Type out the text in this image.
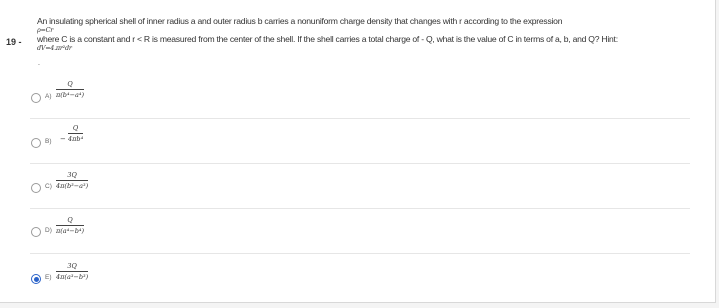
19 -
An insulating spherical shell of inner radius a and outer radius b carries a nonuniform charge density that changes with r according to the expression
ρ=Cr
where C is a constant and r < R is measured from the center of the shell. If the shell carries a total charge of - Q, what is the value of C in terms of a, b, and Q? Hint:
dV=4.πr²dr
.
A)
Q
π(b⁴−a⁴)
B) −
Q
4πb⁴
C)
3Q
4π(b³−a³)
D)
Q
π(a⁴−b⁴)
E)
3Q
4π(a³−b³)
